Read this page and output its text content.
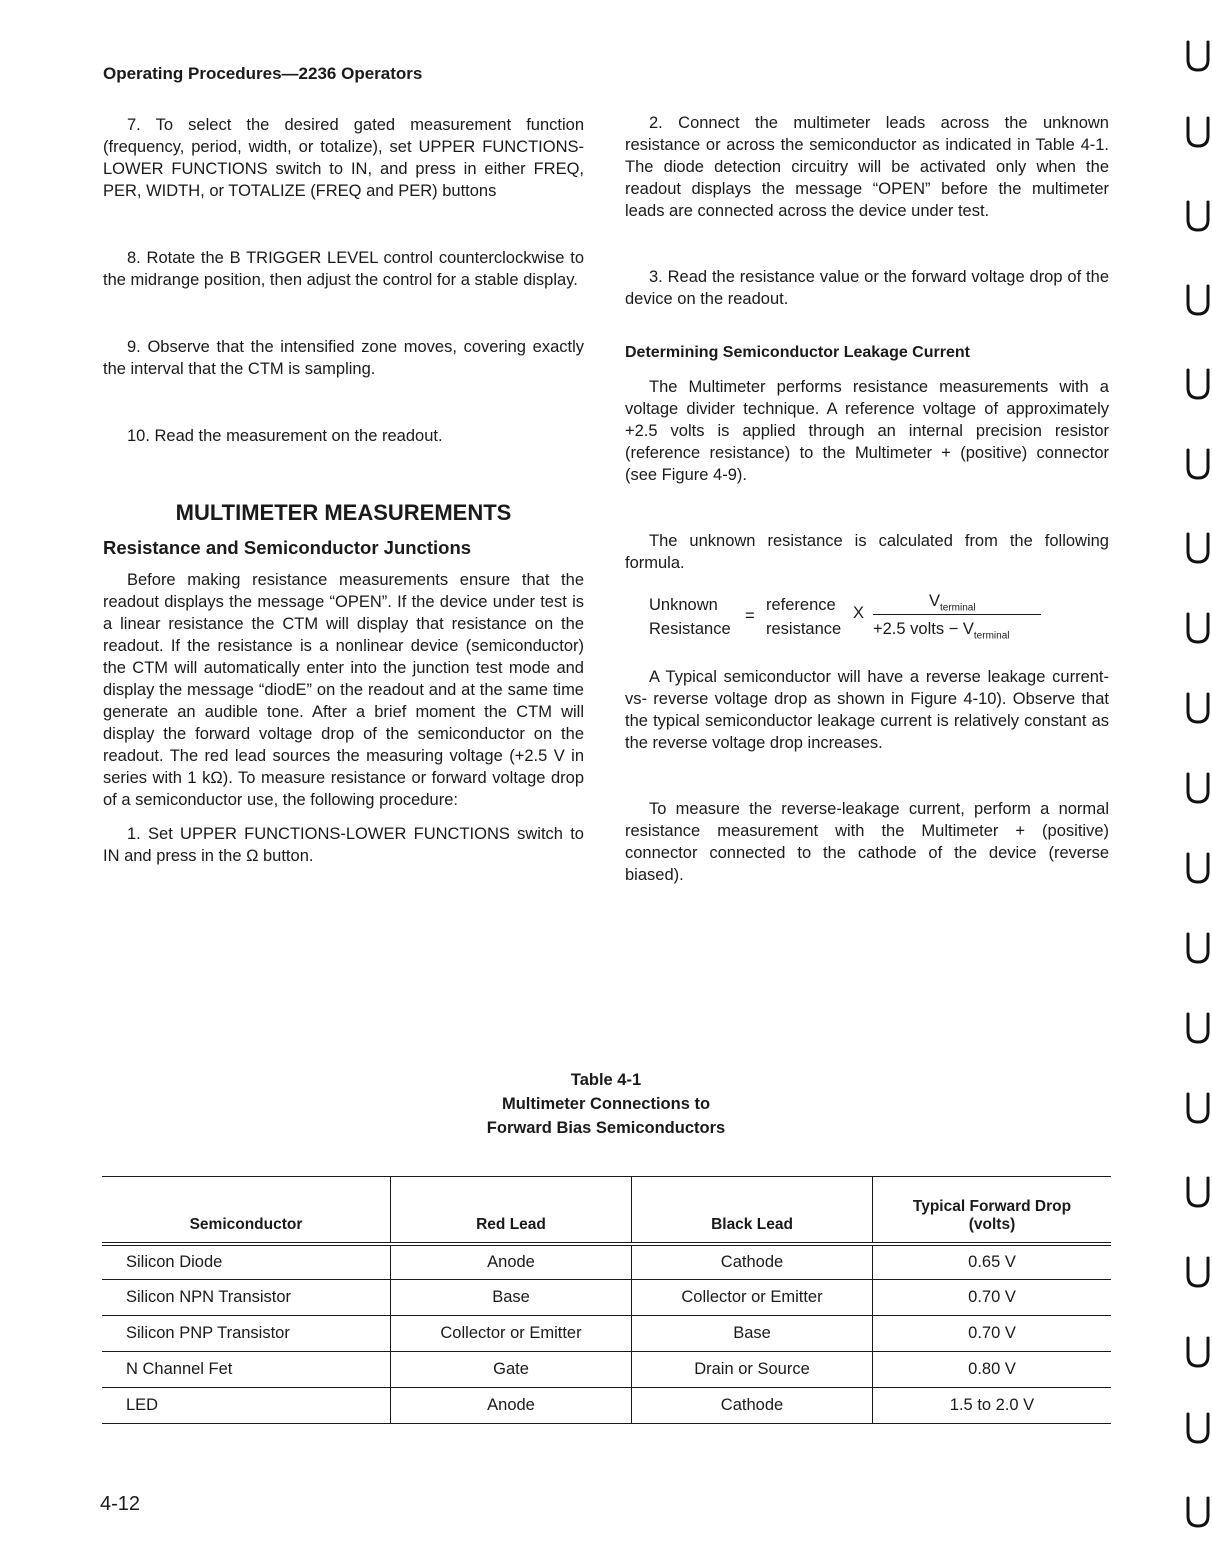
Operating Procedures—2236 Operators

7. To select the desired gated measurement function (frequency, period, width, or totalize), set UPPER FUNCTIONS-LOWER FUNCTIONS switch to IN, and press in either FREQ, PER, WIDTH, or TOTALIZE (FREQ and PER) buttons

8. Rotate the B TRIGGER LEVEL control counterclockwise to the midrange position, then adjust the control for a stable display.

9. Observe that the intensified zone moves, covering exactly the interval that the CTM is sampling.

10. Read the measurement on the readout.

MULTIMETER MEASUREMENTS
Resistance and Semiconductor Junctions

Before making resistance measurements ensure that the readout displays the message “OPEN”. If the device under test is a linear resistance the CTM will display that resistance on the readout. If the resistance is a nonlinear device (semiconductor) the CTM will automatically enter into the junction test mode and display the message “diodE” on the readout and at the same time generate an audible tone. After a brief moment the CTM will display the forward voltage drop of the semiconductor on the readout. The red lead sources the measuring voltage (+2.5 V in series with 1 kΩ). To measure resistance or forward voltage drop of a semiconductor use, the following procedure:

1. Set UPPER FUNCTIONS-LOWER FUNCTIONS switch to IN and press in the Ω button.

2. Connect the multimeter leads across the unknown resistance or across the semiconductor as indicated in Table 4-1. The diode detection circuitry will be activated only when the readout displays the message “OPEN” before the multimeter leads are connected across the device under test.

3. Read the resistance value or the forward voltage drop of the device on the readout.

Determining Semiconductor Leakage Current

The Multimeter performs resistance measurements with a voltage divider technique. A reference voltage of approximately +2.5 volts is applied through an internal precision resistor (reference resistance) to the Multimeter + (positive) connector (see Figure 4-9).

The unknown resistance is calculated from the following formula.

Unknown
Resistance
=
reference
resistance
X
$V_{terminal}$
+2.5 volts − $V_{terminal}$

A Typical semiconductor will have a reverse leakage current-vs- reverse voltage drop as shown in Figure 4-10). Observe that the typical semiconductor leakage current is relatively constant as the reverse voltage drop increases.

To measure the reverse-leakage current, perform a normal resistance measurement with the Multimeter + (positive) connector connected to the cathode of the device (reverse biased).

Table 4-1
Multimeter Connections to
Forward Bias Semiconductors
Semiconductor	Red Lead	Black Lead	Typical Forward Drop
(volts)

Silicon Diode	Anode	Cathode	0.65 V
Silicon NPN Transistor	Base	Collector or Emitter	0.70 V
Silicon PNP Transistor	Collector or Emitter	Base	0.70 V
N Channel Fet	Gate	Drain or Source	0.80 V
LED	Anode	Cathode	1.5 to 2.0 V
4-12
